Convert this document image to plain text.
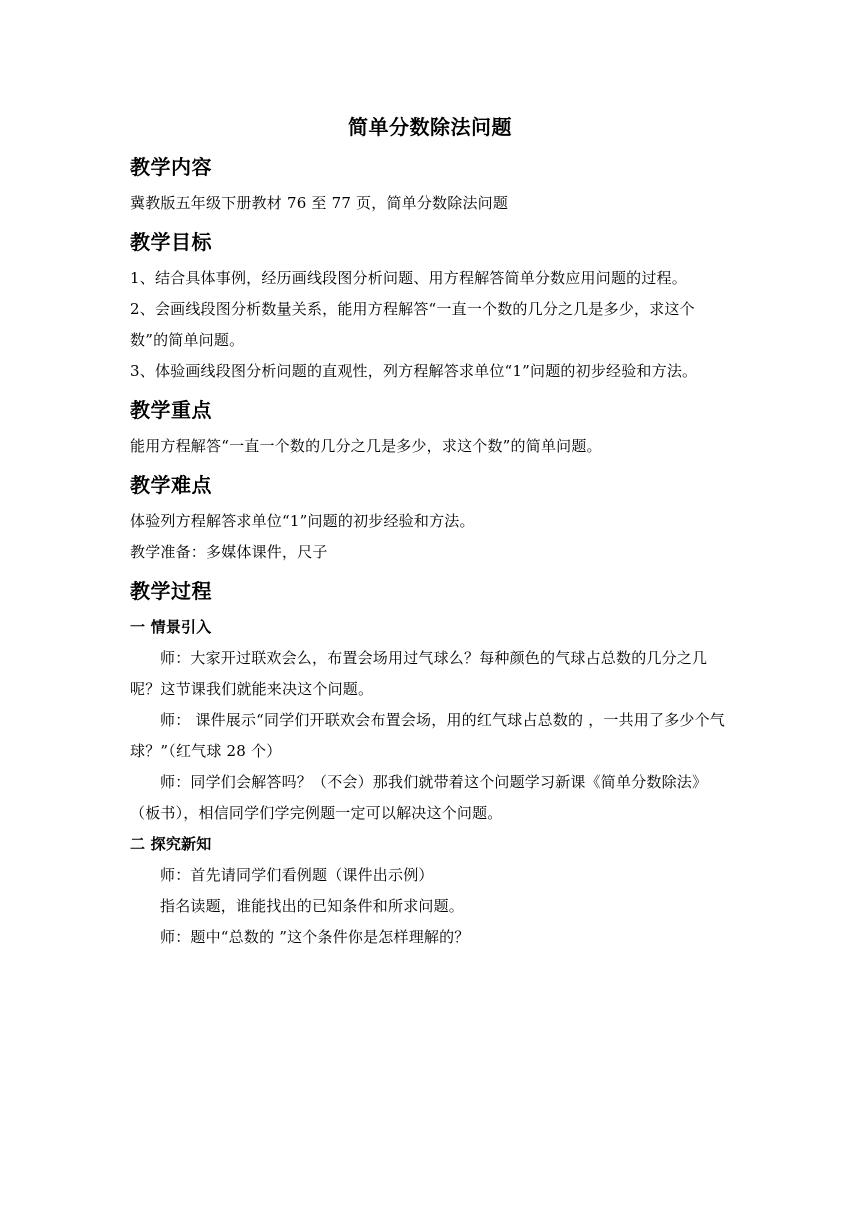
简单分数除法问题
教学内容

冀教版五年级下册教材 76 至 77 页，简单分数除法问题

教学目标

1、结合具体事例，经历画线段图分析问题、用方程解答简单分数应用问题的过程。

2、会画线段图分析数量关系，能用方程解答“一直一个数的几分之几是多少，求这个数”的简单问题。

3、体验画线段图分析问题的直观性，列方程解答求单位“1”问题的初步经验和方法。

教学重点

能用方程解答“一直一个数的几分之几是多少，求这个数”的简单问题。

教学难点

体验列方程解答求单位“1”问题的初步经验和方法。

教学准备：多媒体课件，尺子

教学过程
一 情景引入

师：大家开过联欢会么，布置会场用过气球么？每种颜色的气球占总数的几分之几呢？这节课我们就能来决这个问题。

师： 课件展示“同学们开联欢会布置会场，用的红气球占总数的 ，一共用了多少个气球？”（红气球 28 个）

师：同学们会解答吗？（不会）那我们就带着这个问题学习新课《简单分数除法》（板书），相信同学们学完例题一定可以解决这个问题。

二 探究新知

师：首先请同学们看例题（课件出示例）

指名读题，谁能找出的已知条件和所求问题。

师：题中“总数的 ”这个条件你是怎样理解的？
